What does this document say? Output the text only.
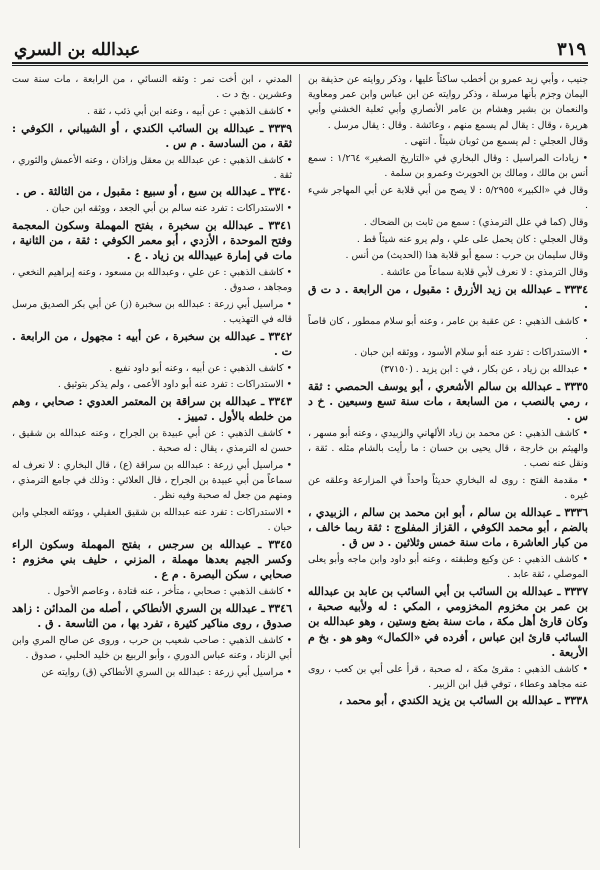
٣١٩
عبدالله بن السري

جنيب ، وأبي زيد عمرو بن أخطب ساكتاً عليها ، وذكر روايته عن حذيفة بن اليمان وجزم بأنها مرسلة ، وذكر روايته عن ابن عباس وابن عمر ومعاوية والنعمان بن بشير وهشام بن عامر الأنصاري وأبي ثعلبة الخشني وأبي هريرة ، وقال : يقال لم يسمع منهم ، وعائشة . وقال : يقال مرسل .

وقال العجلي : لم يسمع من ثوبان شيئاً . انتهى .

• زيادات المراسيل : وقال البخاري في «التاريخ الصغير» ١/٢٦٤ : سمع أنس بن مالك ، ومالك بن الحويرث وعمرو بن سلمة .

وقال في «الكبير» ٥/٢٩٥٥ : لا يصح من أبي قلابة عن أبي المهاجر شيء .

وقال (كما في علل الترمذي) : سمع من ثابت بن الضحاك .

وقال العجلي : كان يحمل على علي ، ولم يرو عنه شيئاً قط .

وقال سليمان بن حرب : سمع أبو قلابة هذا (الحديث) من أنس .

وقال الترمذي : لا نعرف لأبي قلابة سماعاً من عائشة .

٣٣٣٤ ـ عبدالله بن زيد الأزرق : مقبول ، من الرابعة . د ت ق .

• كاشف الذهبي : عن عقبة بن عامر ، وعنه أبو سلام ممطور ، كان قاصاً .

• الاستدراكات : تفرد عنه أبو سلام الأسود ، ووثقه ابن حبان .

• عبدالله بن زياد ، عن بكار ، في : ابن يزيد . (٣٧١٥٠)

٣٣٣٥ ـ عبدالله بن سالم الأشعري ، أبو يوسف الحمصي : ثقة ، رمي بالنصب ، من السابعة ، مات سنة تسع وسبعين . خ د س .

• كاشف الذهبي : عن محمد بن زياد الألهاني والزبيدي ، وعنه أبو مسهر ، والهيثم بن خارجة ، قال يحيى بن حسان : ما رأيت بالشام مثله . ثقة ، ونقل عنه نصب .

• مقدمة الفتح : روى له البخاري حديثاً واحداً في المزارعة وعلقه عن غيره .

٣٣٣٦ ـ عبدالله بن سالم ، أبو ابن محمد بن سالم ، الزبيدي ، بالضم ، أبو محمد الكوفي ، القزاز المفلوج : ثقة ربما خالف ، من كبار العاشرة ، مات سنة خمس وثلاثين . د س ق .

• كاشف الذهبي : عن وكيع وطبقته ، وعنه أبو داود وابن ماجه وأبو يعلى الموصلي ، ثقة عابد .

٣٣٣٧ ـ عبدالله بن السائب بن أبي السائب بن عابد بن عبدالله بن عمر بن مخزوم المخزومي ، المكي : له ولأبيه صحبة ، وكان قارئ أهل مكة ، مات سنة بضع وستين ، وهو عبدالله بن السائب قارئ ابن عباس ، أفرده في «الكمال» وهو هو . بخ م الأربعة .

• كاشف الذهبي : مقرئ مكة ، له صحبة ، قرأ على أبي بن كعب ، روى عنه مجاهد وعطاء ، توفي قبل ابن الزبير .

٣٣٣٨ ـ عبدالله بن السائب بن يزيد الكندي ، أبو محمد ،

المدني ، ابن أخت نمر : وثقه النسائي ، من الرابعة ، مات سنة ست وعشرين . بخ د ت .

• كاشف الذهبي : عن أبيه ، وعنه ابن أبي ذئب ، ثقة .

٣٣٣٩ ـ عبدالله بن السائب الكندي ، أو الشيباني ، الكوفي : ثقة ، من السادسة . م س .

• كاشف الذهبي : عن عبدالله بن معقل وزاذان ، وعنه الأعمش والثوري ، ثقة .

٣٣٤٠ ـ عبدالله بن سبع ، أو سبيع : مقبول ، من الثالثة . ص .

• الاستدراكات : تفرد عنه سالم بن أبي الجعد ، ووثقه ابن حبان .

٣٣٤١ ـ عبدالله بن سخبرة ، بفتح المهملة وسكون المعجمة وفتح الموحدة ، الأزدي ، أبو معمر الكوفي : ثقة ، من الثانية ، مات في إمارة عبيدالله بن زياد . ع .

• كاشف الذهبي : عن علي ، وعبدالله بن مسعود ، وعنه إبراهيم النخعي ، ومجاهد ، صدوق .

• مراسيل أبي زرعة : عبدالله بن سخبرة (ز) عن أبي بكر الصديق مرسل قاله في التهذيب .

٣٣٤٢ ـ عبدالله بن سخبرة ، عن أبيه : مجهول ، من الرابعة . ت .

• كاشف الذهبي : عن أبيه ، وعنه أبو داود نفيع .

• الاستدراكات : تفرد عنه أبو داود الأعمى ، ولم يذكر بتوثيق .

٣٣٤٣ ـ عبدالله بن سراقة بن المعتمر العدوي : صحابي ، وهم من خلطه بالأول . تمييز .

• كاشف الذهبي : عن أبي عبيدة بن الجراح ، وعنه عبدالله بن شقيق ، حسن له الترمذي ، يقال : له صحبة .

• مراسيل أبي زرعة : عبدالله بن سراقة (ع) ، قال البخاري : لا نعرف له سماعاً من أبي عبيدة بن الجراح ، قال العلائي : وذلك في جامع الترمذي ، ومنهم من جعل له صحبة وفيه نظر .

• الاستدراكات : تفرد عنه عبدالله بن شقيق العقيلي ، ووثقه العجلي وابن حبان .

٣٣٤٥ ـ عبدالله بن سرجس ، بفتح المهملة وسكون الراء وكسر الجيم بعدها مهملة ، المزني ، حليف بني مخزوم : صحابي ، سكن البصرة . م ع .

• كاشف الذهبي : صحابي ، متأخر ، عنه قتادة ، وعاصم الأحول .

٣٣٤٦ ـ عبدالله بن السري الأنطاكي ، أصله من المدائن : زاهد صدوق ، روى مناكير كثيرة ، تفرد بها ، من التاسعة . ق .

• كاشف الذهبي : صاحب شعيب بن حرب ، وروى عن صالح المري وابن أبي الزناد ، وعنه عباس الدوري ، وأبو الربيع بن خليد الحلبي ، صدوق .

• مراسيل أبي زرعة : عبدالله بن السري الأنطاكي (ق) روايته عن
